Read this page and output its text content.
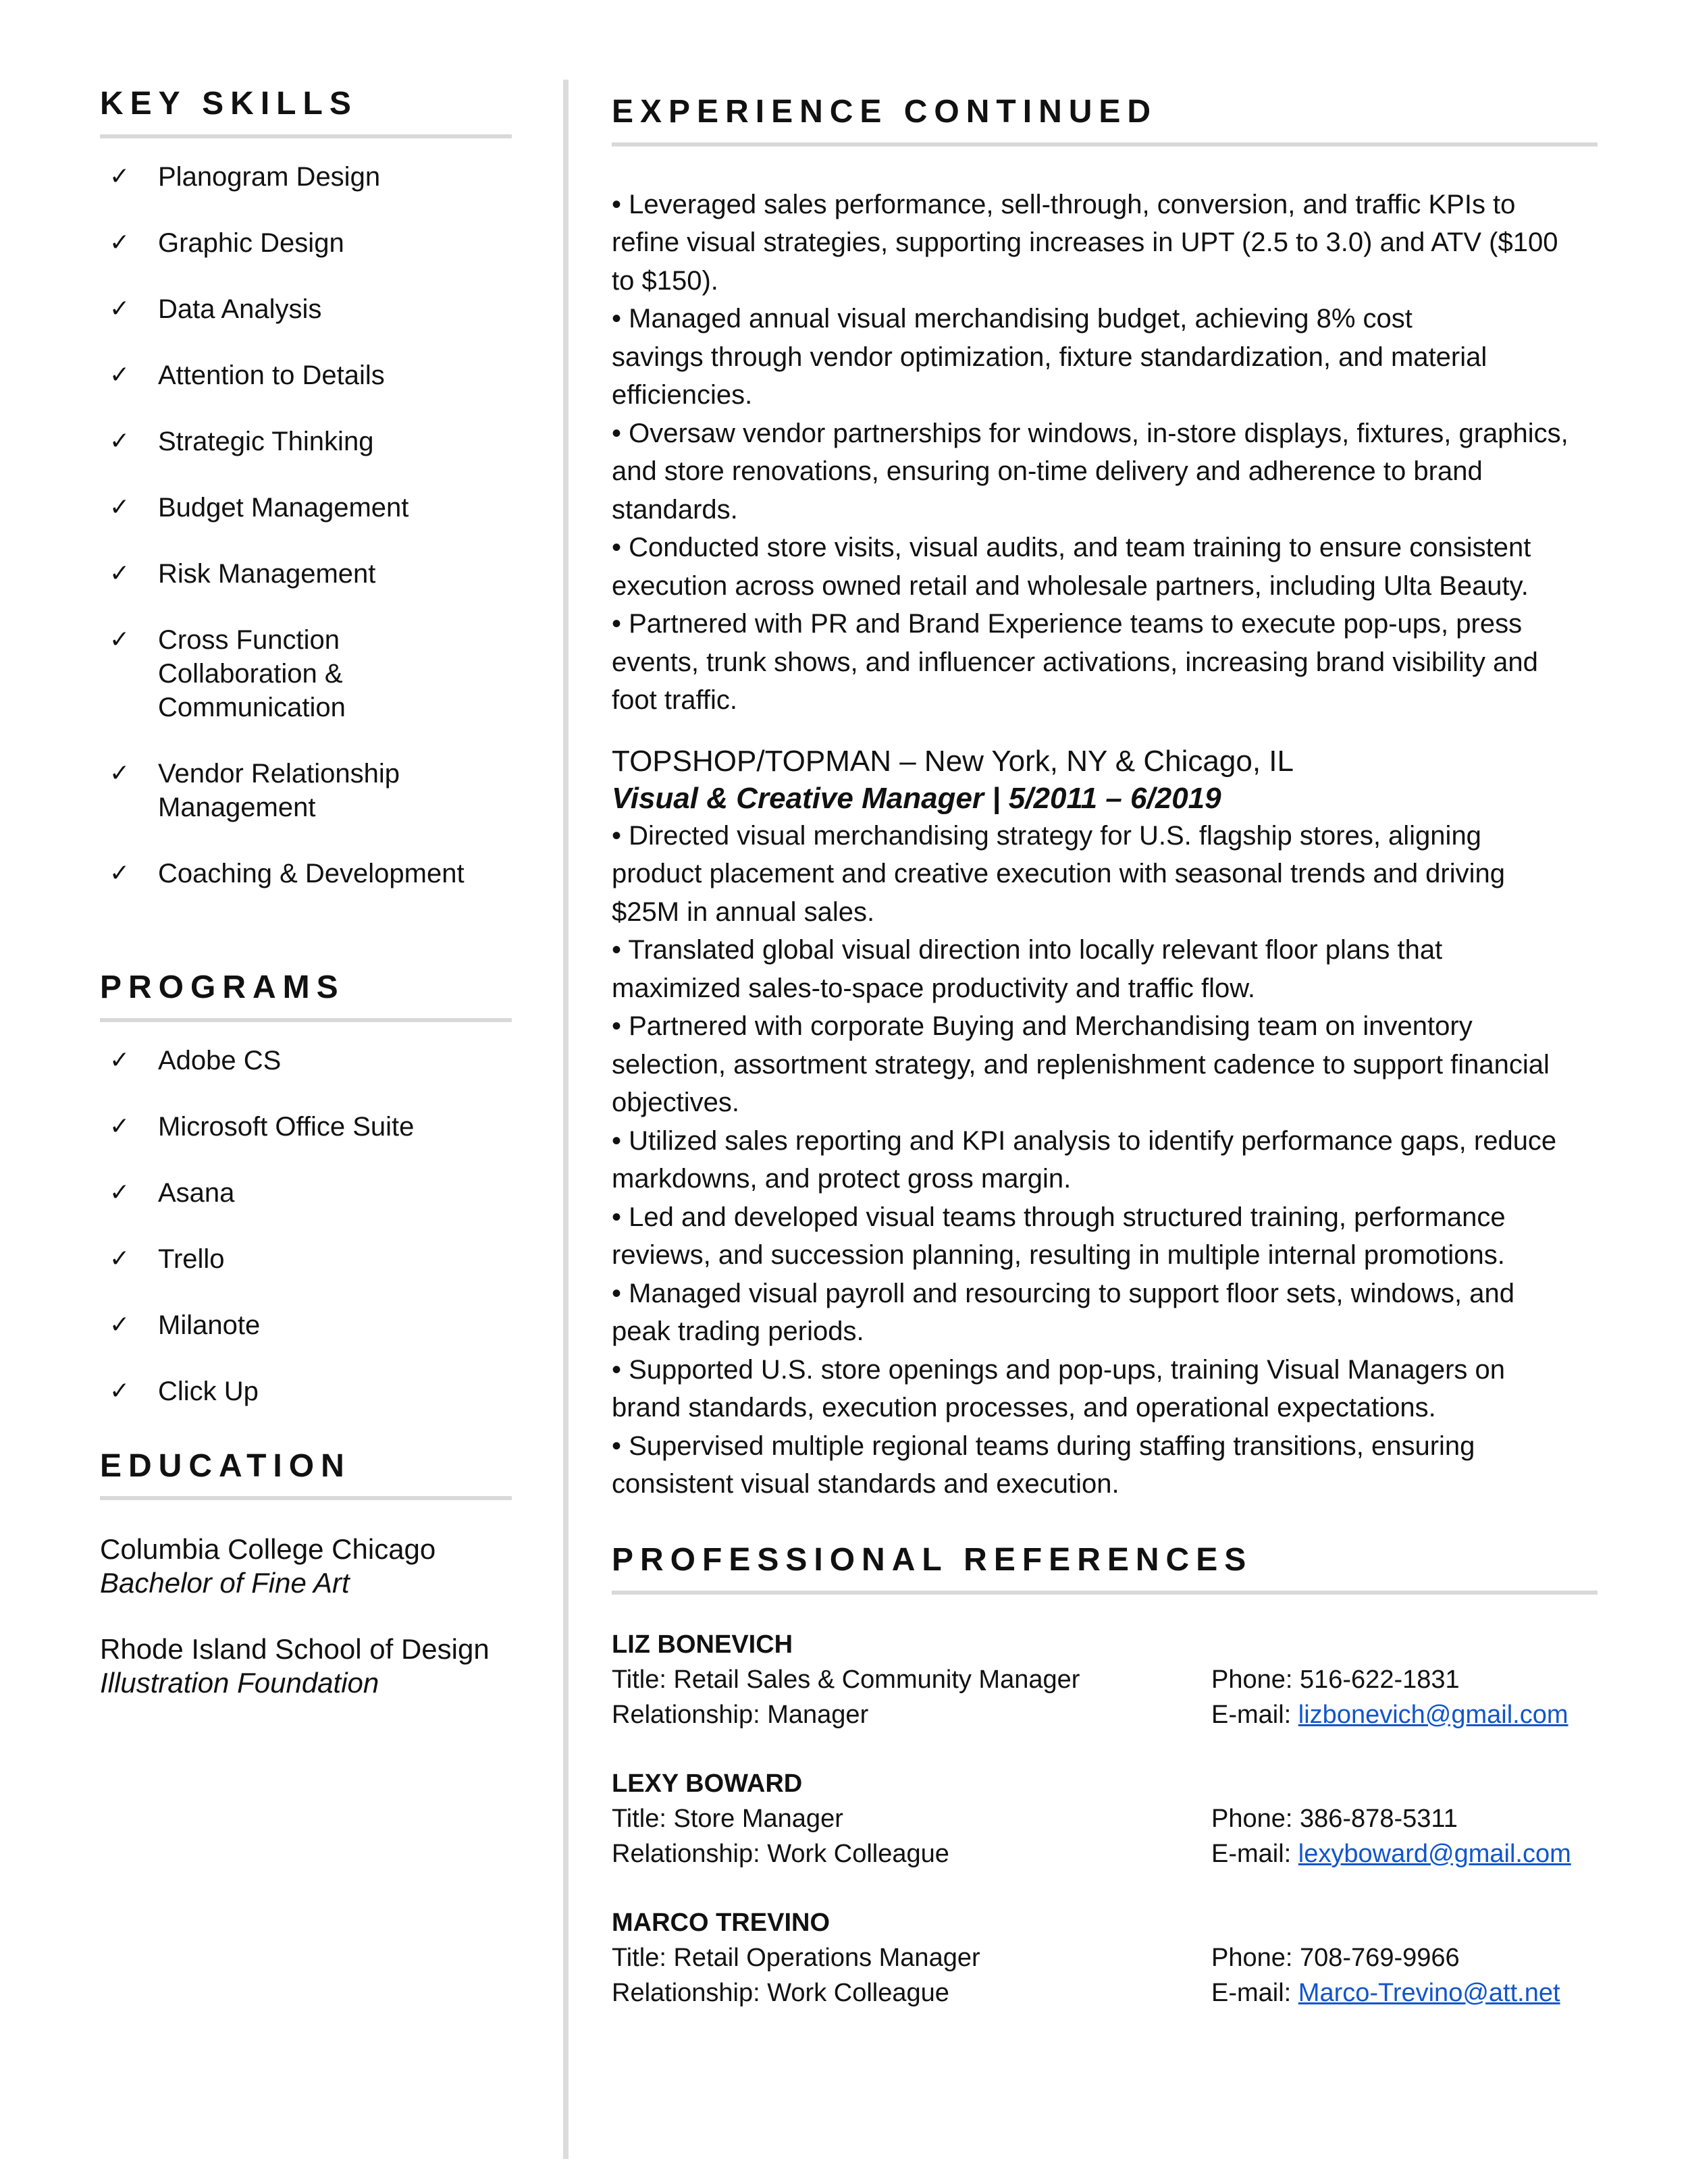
KEY SKILLS
✓	Planogram Design
✓	Graphic Design
✓	Data Analysis
✓	Attention to Details
✓	Strategic Thinking
✓	Budget Management
✓	Risk Management
✓	Cross Function
Collaboration &
Communication
✓	Vendor Relationship
Management
✓	Coaching & Development
PROGRAMS
✓	Adobe CS
✓	Microsoft Office Suite
✓	Asana
✓	Trello
✓	Milanote
✓	Click Up
EDUCATION
Columbia College Chicago
Bachelor of Fine Art
Rhode Island School of Design
Illustration Foundation
EXPERIENCE CONTINUED
• Leveraged sales performance, sell-through, conversion, and traffic KPIs to
refine visual strategies, supporting increases in UPT (2.5 to 3.0) and ATV ($100
to $150).
• Managed annual visual merchandising budget, achieving 8% cost
savings through vendor optimization, fixture standardization, and material
efficiencies.
• Oversaw vendor partnerships for windows, in-store displays, fixtures, graphics,
and store renovations, ensuring on-time delivery and adherence to brand
standards.
• Conducted store visits, visual audits, and team training to ensure consistent
execution across owned retail and wholesale partners, including Ulta Beauty.
• Partnered with PR and Brand Experience teams to execute pop-ups, press
events, trunk shows, and influencer activations, increasing brand visibility and
foot traffic.
TOPSHOP/TOPMAN – New York, NY & Chicago, IL
Visual & Creative Manager | 5/2011 – 6/2019
• Directed visual merchandising strategy for U.S. flagship stores, aligning
product placement and creative execution with seasonal trends and driving
$25M in annual sales.
• Translated global visual direction into locally relevant floor plans that
maximized sales-to-space productivity and traffic flow.
• Partnered with corporate Buying and Merchandising team on inventory
selection, assortment strategy, and replenishment cadence to support financial
objectives.
• Utilized sales reporting and KPI analysis to identify performance gaps, reduce
markdowns, and protect gross margin.
• Led and developed visual teams through structured training, performance
reviews, and succession planning, resulting in multiple internal promotions.
• Managed visual payroll and resourcing to support floor sets, windows, and
peak trading periods.
• Supported U.S. store openings and pop-ups, training Visual Managers on
brand standards, execution processes, and operational expectations.
• Supervised multiple regional teams during staffing transitions, ensuring
consistent visual standards and execution.
PROFESSIONAL REFERENCES
LIZ BONEVICH
Title: Retail Sales & Community Manager	Phone: 516-622-1831
Relationship: Manager	E-mail: lizbonevich@gmail.com
LEXY BOWARD
Title: Store Manager	Phone: 386-878-5311
Relationship: Work Colleague	E-mail: lexyboward@gmail.com
MARCO TREVINO
Title: Retail Operations Manager	Phone: 708-769-9966
Relationship: Work Colleague	E-mail: Marco-Trevino@att.net
